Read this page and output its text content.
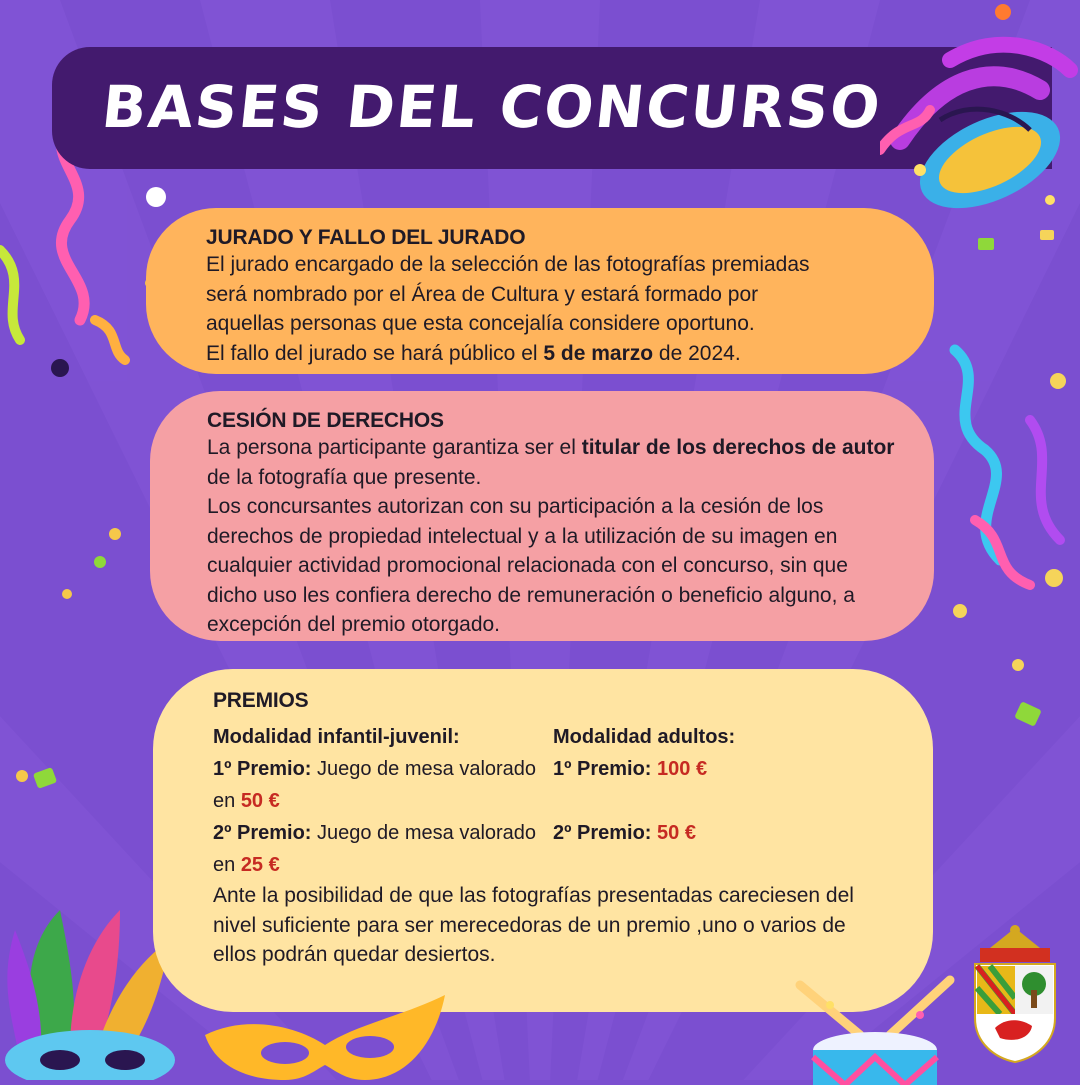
BASES DEL CONCURSO
JURADO Y FALLO DEL JURADO

El jurado encargado de la selección de las fotografías premiadas
será nombrado por el Área de Cultura y estará formado por
aquellas personas que esta concejalía considere oportuno.
El fallo del jurado se hará público el 5 de marzo de 2024.

CESIÓN DE DERECHOS

La persona participante garantiza ser el titular de los derechos de autor de la fotografía que presente.

Los concursantes autorizan con su participación a la cesión de los derechos de propiedad intelectual y a la utilización de su imagen en cualquier actividad promocional relacionada con el concurso, sin que dicho uso les confiera derecho de remuneración o beneficio alguno, a excepción del premio otorgado.

PREMIOS
Modalidad infantil-juvenil:
1º Premio: Juego de mesa valorado en 50 €
2º Premio: Juego de mesa valorado en 25 €
Modalidad adultos:
1º Premio: 100 €
2º Premio: 50 €

Ante la posibilidad de que las fotografías presentadas careciesen del nivel suficiente para ser merecedoras de un premio ,uno o varios de ellos podrán quedar desiertos.
